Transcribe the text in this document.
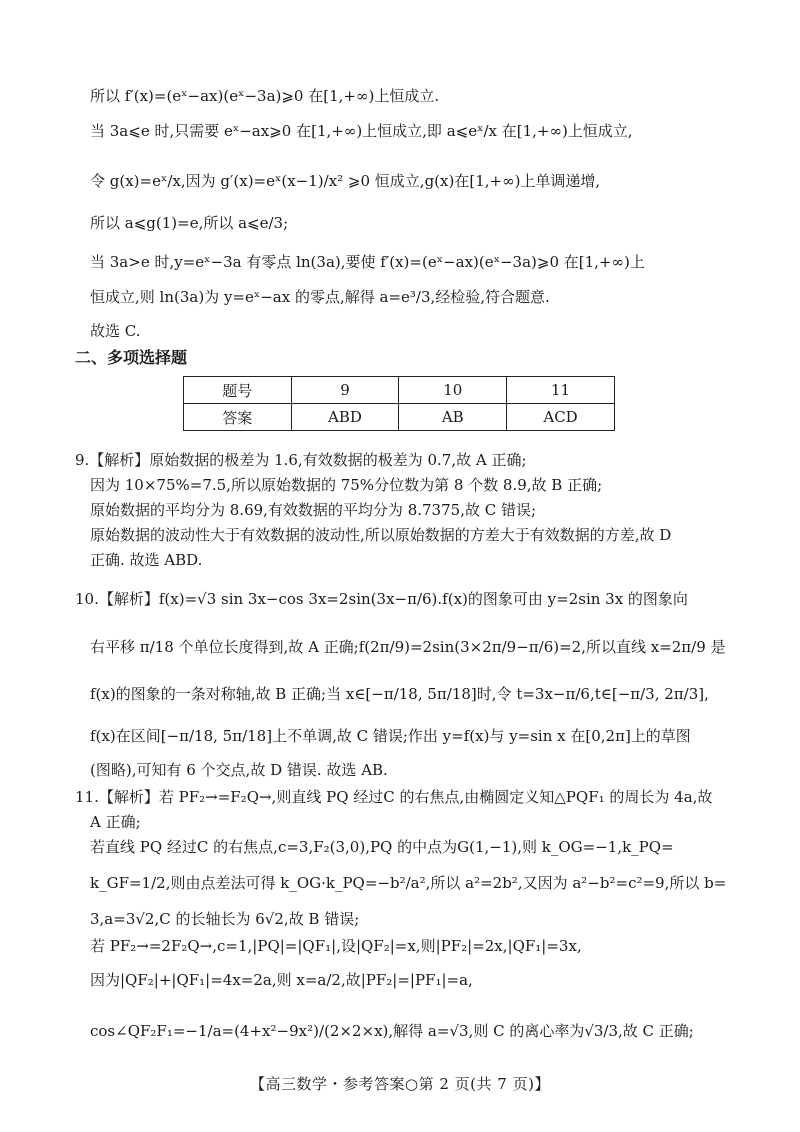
所以 f′(x)=(eˣ−ax)(eˣ−3a)⩾0 在[1,+∞)上恒成立.
当 3a⩽e 时,只需要 eˣ−ax⩾0 在[1,+∞)上恒成立,即 a⩽eˣ/x 在[1,+∞)上恒成立,
令 g(x)=eˣ/x,因为 g′(x)=eˣ(x−1)/x² ⩾0 恒成立,g(x)在[1,+∞)上单调递增,
所以 a⩽g(1)=e,所以 a⩽e/3;
当 3a>e 时,y=eˣ−3a 有零点 ln(3a),要使 f′(x)=(eˣ−ax)(eˣ−3a)⩾0 在[1,+∞)上
恒成立,则 ln(3a)为 y=eˣ−ax 的零点,解得 a=e³/3,经检验,符合题意.
故选 C.
二、多项选择题
题号	9	10	11
答案	ABD	AB	ACD
9.【解析】原始数据的极差为 1.6,有效数据的极差为 0.7,故 A 正确;
因为 10×75%=7.5,所以原始数据的 75%分位数为第 8 个数 8.9,故 B 正确;
原始数据的平均分为 8.69,有效数据的平均分为 8.7375,故 C 错误;
原始数据的波动性大于有效数据的波动性,所以原始数据的方差大于有效数据的方差,故 D
正确. 故选 ABD.
10.【解析】f(x)=√3 sin 3x−cos 3x=2sin(3x−π/6).f(x)的图象可由 y=2sin 3x 的图象向
右平移 π/18 个单位长度得到,故 A 正确;f(2π/9)=2sin(3×2π/9−π/6)=2,所以直线 x=2π/9 是
f(x)的图象的一条对称轴,故 B 正确;当 x∈[−π/18, 5π/18]时,令 t=3x−π/6,t∈[−π/3, 2π/3],
f(x)在区间[−π/18, 5π/18]上不单调,故 C 错误;作出 y=f(x)与 y=sin x 在[0,2π]上的草图
(图略),可知有 6 个交点,故 D 错误. 故选 AB.
11.【解析】若 PF₂→=F₂Q→,则直线 PQ 经过C 的右焦点,由椭圆定义知△PQF₁ 的周长为 4a,故
A 正确;
若直线 PQ 经过C 的右焦点,c=3,F₂(3,0),PQ 的中点为G(1,−1),则 k_OG=−1,k_PQ=
k_GF=1/2,则由点差法可得 k_OG·k_PQ=−b²/a²,所以 a²=2b²,又因为 a²−b²=c²=9,所以 b=
3,a=3√2,C 的长轴长为 6√2,故 B 错误;
若 PF₂→=2F₂Q→,c=1,|PQ|=|QF₁|,设|QF₂|=x,则|PF₂|=2x,|QF₁|=3x,
因为|QF₂|+|QF₁|=4x=2a,则 x=a/2,故|PF₂|=|PF₁|=a,
cos∠QF₂F₁=−1/a=(4+x²−9x²)/(2×2×x),解得 a=√3,则 C 的离心率为√3/3,故 C 正确;
【高三数学・参考答案○第 2 页(共 7 页)】
